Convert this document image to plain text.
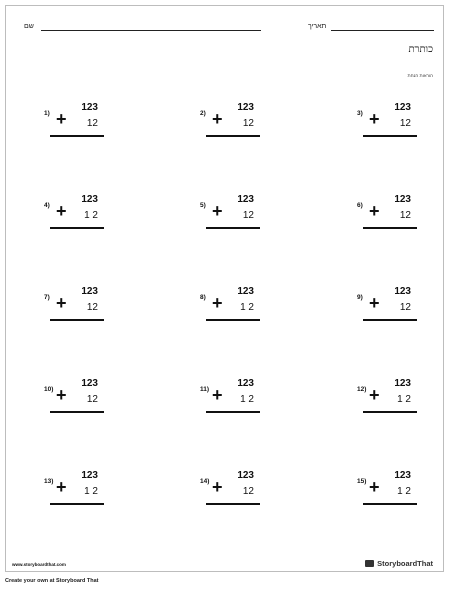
שם	תאריך
כותרת
הוראות הנחת
1) +
123
12
2) +
123
12
3) +
123
12
4) +
123
1 2
5) +
123
12
6) +
123
12
7) +
123
12
8) +
123
1 2
9) +
123
12
10) +
123
12
11) +
123
1 2
12) +
123
1 2
13) +
123
1 2
14) +
123
12
15) +
123
1 2
www.storyboardthat.com	StoryboardThat
Create your own at Storyboard That
